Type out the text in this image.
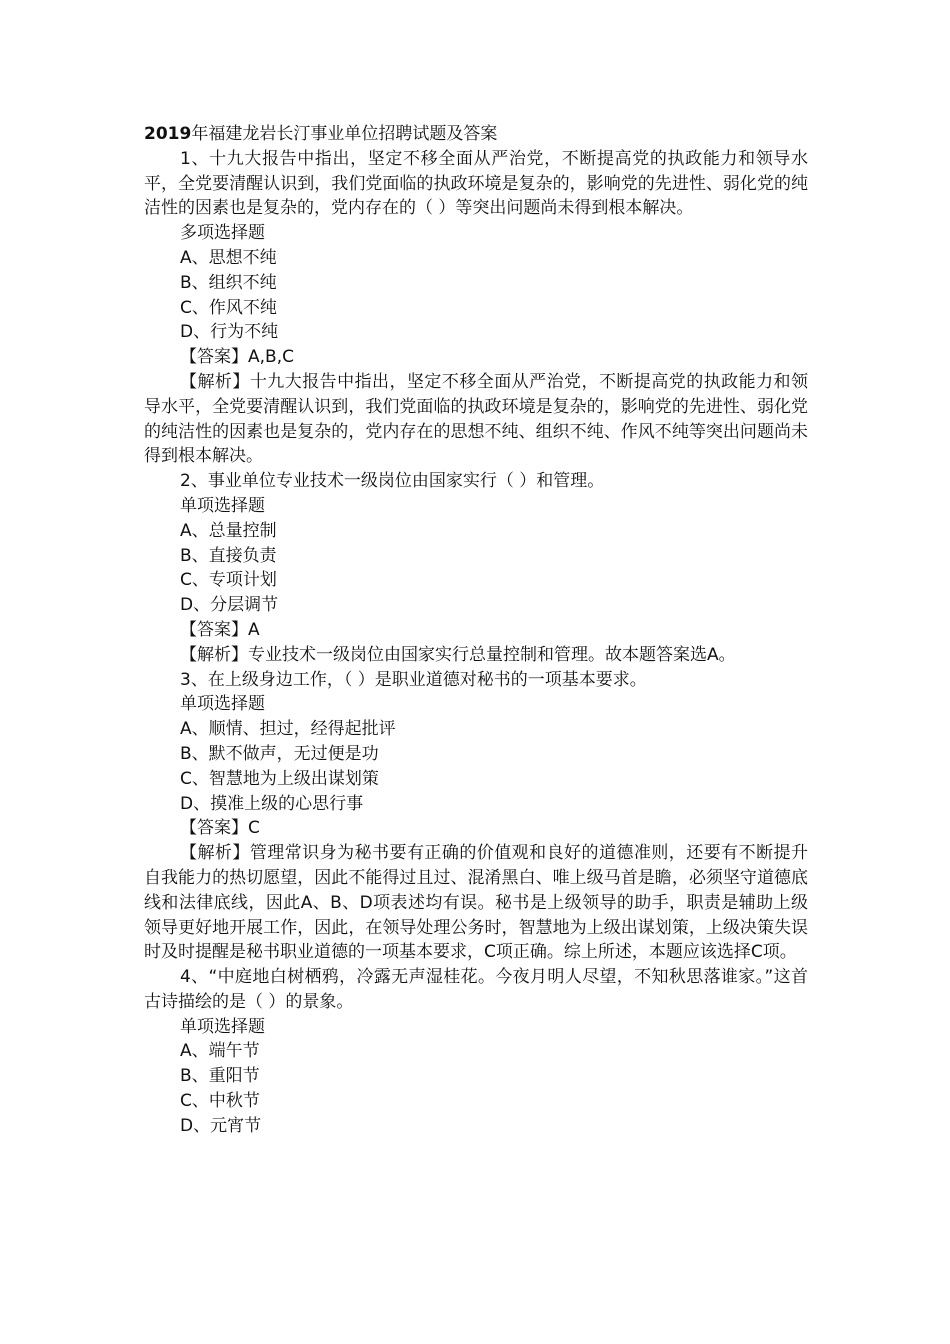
2019年福建龙岩长汀事业单位招聘试题及答案

1、十九大报告中指出，坚定不移全面从严治党，不断提高党的执政能力和领导水平，全党要清醒认识到，我们党面临的执政环境是复杂的，影响党的先进性、弱化党的纯洁性的因素也是复杂的，党内存在的（ ）等突出问题尚未得到根本解决。

多项选择题

A、思想不纯

B、组织不纯

C、作风不纯

D、行为不纯

【答案】A,B,C

【解析】十九大报告中指出，坚定不移全面从严治党，不断提高党的执政能力和领导水平，全党要清醒认识到，我们党面临的执政环境是复杂的，影响党的先进性、弱化党的纯洁性的因素也是复杂的，党内存在的思想不纯、组织不纯、作风不纯等突出问题尚未得到根本解决。

2、事业单位专业技术一级岗位由国家实行（ ）和管理。

单项选择题

A、总量控制

B、直接负责

C、专项计划

D、分层调节

【答案】A

【解析】专业技术一级岗位由国家实行总量控制和管理。故本题答案选A。

3、在上级身边工作，（ ）是职业道德对秘书的一项基本要求。

单项选择题

A、顺情、担过，经得起批评

B、默不做声，无过便是功

C、智慧地为上级出谋划策

D、摸准上级的心思行事

【答案】C

【解析】管理常识身为秘书要有正确的价值观和良好的道德准则，还要有不断提升自我能力的热切愿望，因此不能得过且过、混淆黑白、唯上级马首是瞻，必须坚守道德底线和法律底线，因此A、B、D项表述均有误。秘书是上级领导的助手，职责是辅助上级领导更好地开展工作，因此，在领导处理公务时，智慧地为上级出谋划策，上级决策失误时及时提醒是秘书职业道德的一项基本要求，C项正确。综上所述，本题应该选择C项。

4、“中庭地白树栖鸦，冷露无声湿桂花。今夜月明人尽望，不知秋思落谁家。”这首古诗描绘的是（ ）的景象。

单项选择题

A、端午节

B、重阳节

C、中秋节

D、元宵节
